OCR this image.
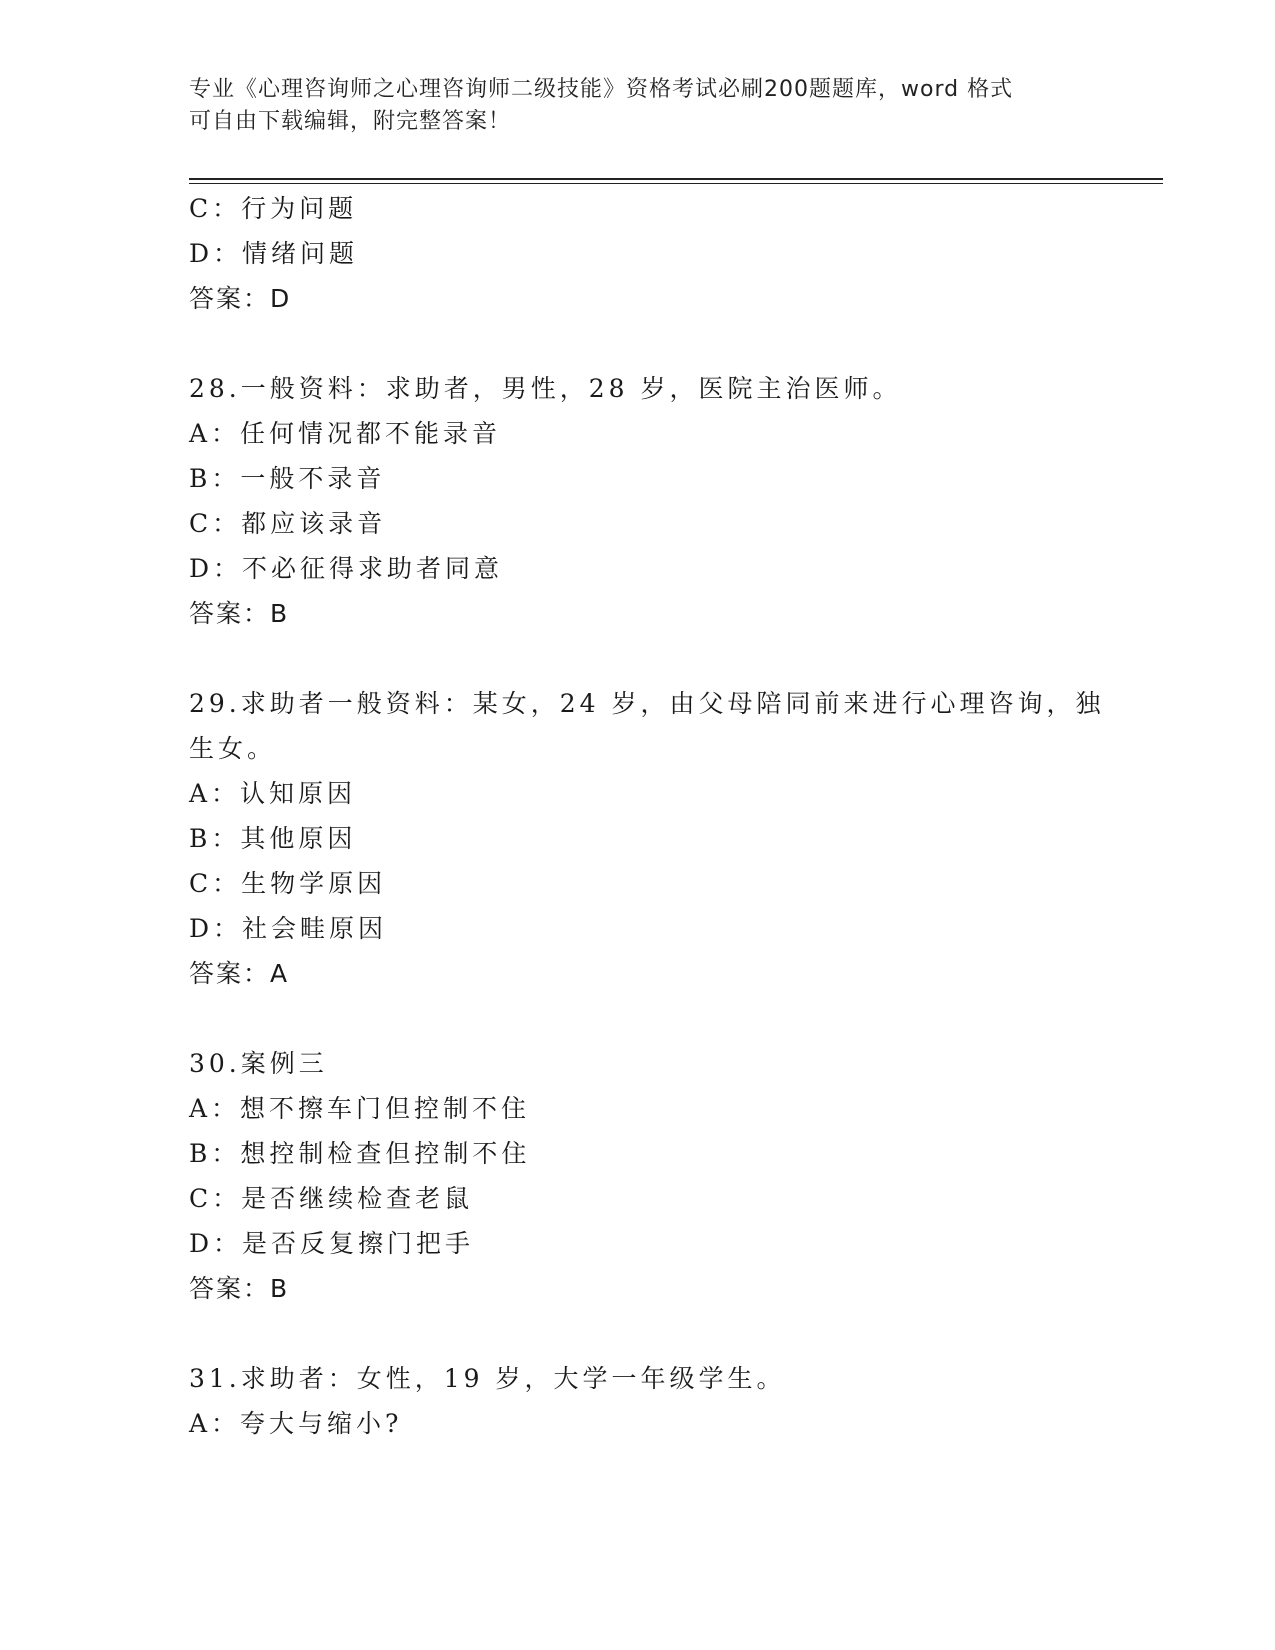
专业《心理咨询师之心理咨询师二级技能》资格考试必刷200题题库，word 格式
可自由下载编辑，附完整答案！
C：行为问题
D：情绪问题
答案：D
28.一般资料：求助者，男性，28 岁，医院主治医师。
A：任何情况都不能录音
B：一般不录音
C：都应该录音
D：不必征得求助者同意
答案：B
29.求助者一般资料：某女，24 岁，由父母陪同前来进行心理咨询，独
生女。
A：认知原因
B：其他原因
C：生物学原因
D：社会畦原因
答案：A
30.案例三
A：想不擦车门但控制不住
B：想控制检查但控制不住
C：是否继续检查老鼠
D：是否反复擦门把手
答案：B
31.求助者：女性，19 岁，大学一年级学生。
A：夸大与缩小?
